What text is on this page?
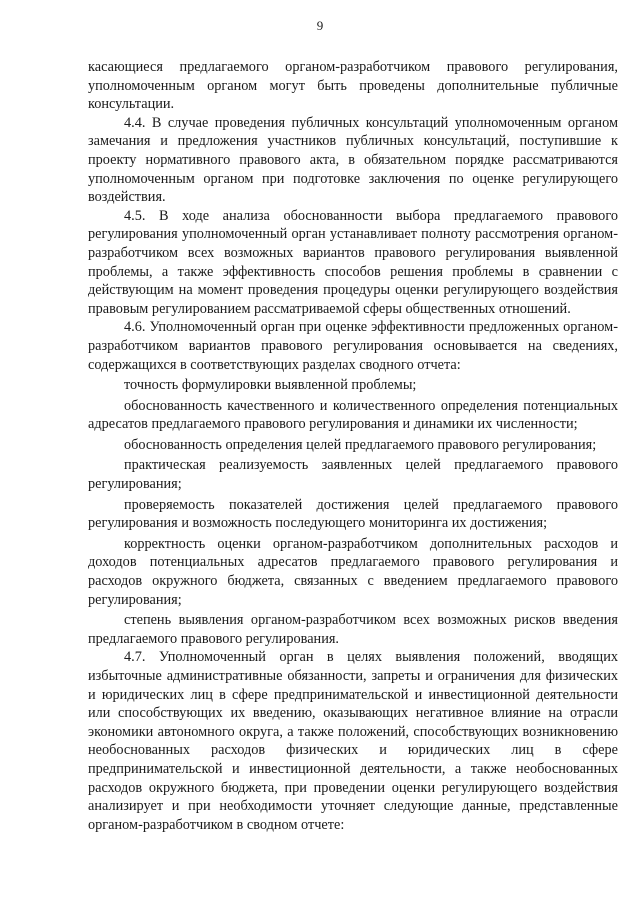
9

касающиеся предлагаемого органом-разработчиком правового регулирования, уполномоченным органом могут быть проведены дополнительные публичные консультации.

4.4. В случае проведения публичных консультаций уполномоченным органом замечания и предложения участников публичных консультаций, поступившие к проекту нормативного правового акта, в обязательном порядке рассматриваются уполномоченным органом при подготовке заключения по оценке регулирующего воздействия.

4.5. В ходе анализа обоснованности выбора предлагаемого правового регулирования уполномоченный орган устанавливает полноту рассмотрения органом-разработчиком всех возможных вариантов правового регулирования выявленной проблемы, а также эффективность способов решения проблемы в сравнении с действующим на момент проведения процедуры оценки регулирующего воздействия правовым регулированием рассматриваемой сферы общественных отношений.

4.6. Уполномоченный орган при оценке эффективности предложенных органом-разработчиком вариантов правового регулирования основывается на сведениях, содержащихся в соответствующих разделах сводного отчета:

точность формулировки выявленной проблемы;

обоснованность качественного и количественного определения потенциальных адресатов предлагаемого правового регулирования и динамики их численности;

обоснованность определения целей предлагаемого правового регулирования;

практическая реализуемость заявленных целей предлагаемого правового регулирования;

проверяемость показателей достижения целей предлагаемого правового регулирования и возможность последующего мониторинга их достижения;

корректность оценки органом-разработчиком дополнительных расходов и доходов потенциальных адресатов предлагаемого правового регулирования и расходов окружного бюджета, связанных с введением предлагаемого правового регулирования;

степень выявления органом-разработчиком всех возможных рисков введения предлагаемого правового регулирования.

4.7. Уполномоченный орган в целях выявления положений, вводящих избыточные административные обязанности, запреты и ограничения для физических и юридических лиц в сфере предпринимательской и инвестиционной деятельности или способствующих их введению, оказывающих негативное влияние на отрасли экономики автономного округа, а также положений, способствующих возникновению необоснованных расходов физических и юридических лиц в сфере предпринимательской и инвестиционной деятельности, а также необоснованных расходов окружного бюджета, при проведении оценки регулирующего воздействия анализирует и при необходимости уточняет следующие данные, представленные органом-разработчиком в сводном отчете:
